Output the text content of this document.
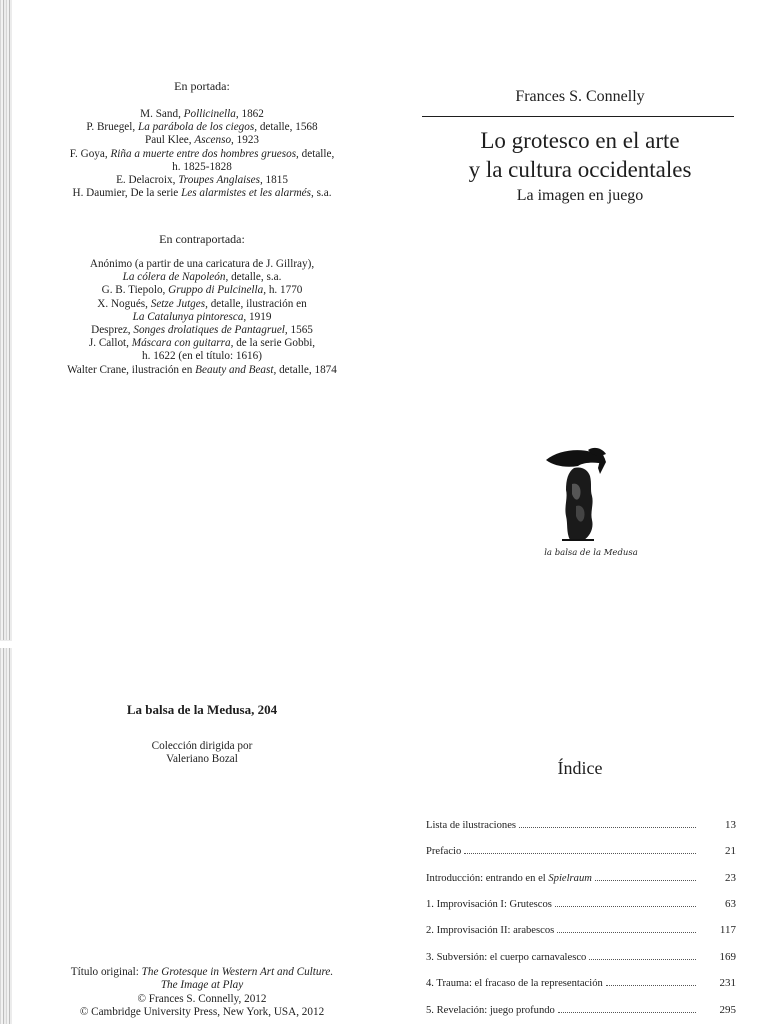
En portada:
M. Sand, Pollicinella, 1862
P. Bruegel, La parábola de los ciegos, detalle, 1568
Paul Klee, Ascenso, 1923
F. Goya, Riña a muerte entre dos hombres gruesos, detalle,
h. 1825-1828
E. Delacroix, Troupes Anglaises, 1815
H. Daumier, De la serie Les alarmistes et les alarmés, s.a.
En contraportada:
Anónimo (a partir de una caricatura de J. Gillray),
La cólera de Napoleón, detalle, s.a.
G. B. Tiepolo, Gruppo di Pulcinella, h. 1770
X. Nogués, Setze Jutges, detalle, ilustración en
La Catalunya pintoresca, 1919
Desprez, Songes drolatiques de Pantagruel, 1565
J. Callot, Máscara con guitarra, de la serie Gobbi,
h. 1622 (en el título: 1616)
Walter Crane, ilustración en Beauty and Beast, detalle, 1874
Frances S. Connelly
Lo grotesco en el arte
y la cultura occidentales
La imagen en juego
la balsa de la Medusa
La balsa de la Medusa, 204
Colección dirigida por
Valeriano Bozal
Título original: The Grotesque in Western Art and Culture.
The Image at Play
© Frances S. Connelly, 2012
© Cambridge University Press, New York, USA, 2012
Índice
Lista de ilustraciones	13
Prefacio	21
Introducción: entrando en el Spielraum	23
1. Improvisación I: Grutescos	63
2. Improvisación II: arabescos	117
3. Subversión: el cuerpo carnavalesco	169
4. Trauma: el fracaso de la representación	231
5. Revelación: juego profundo	295
